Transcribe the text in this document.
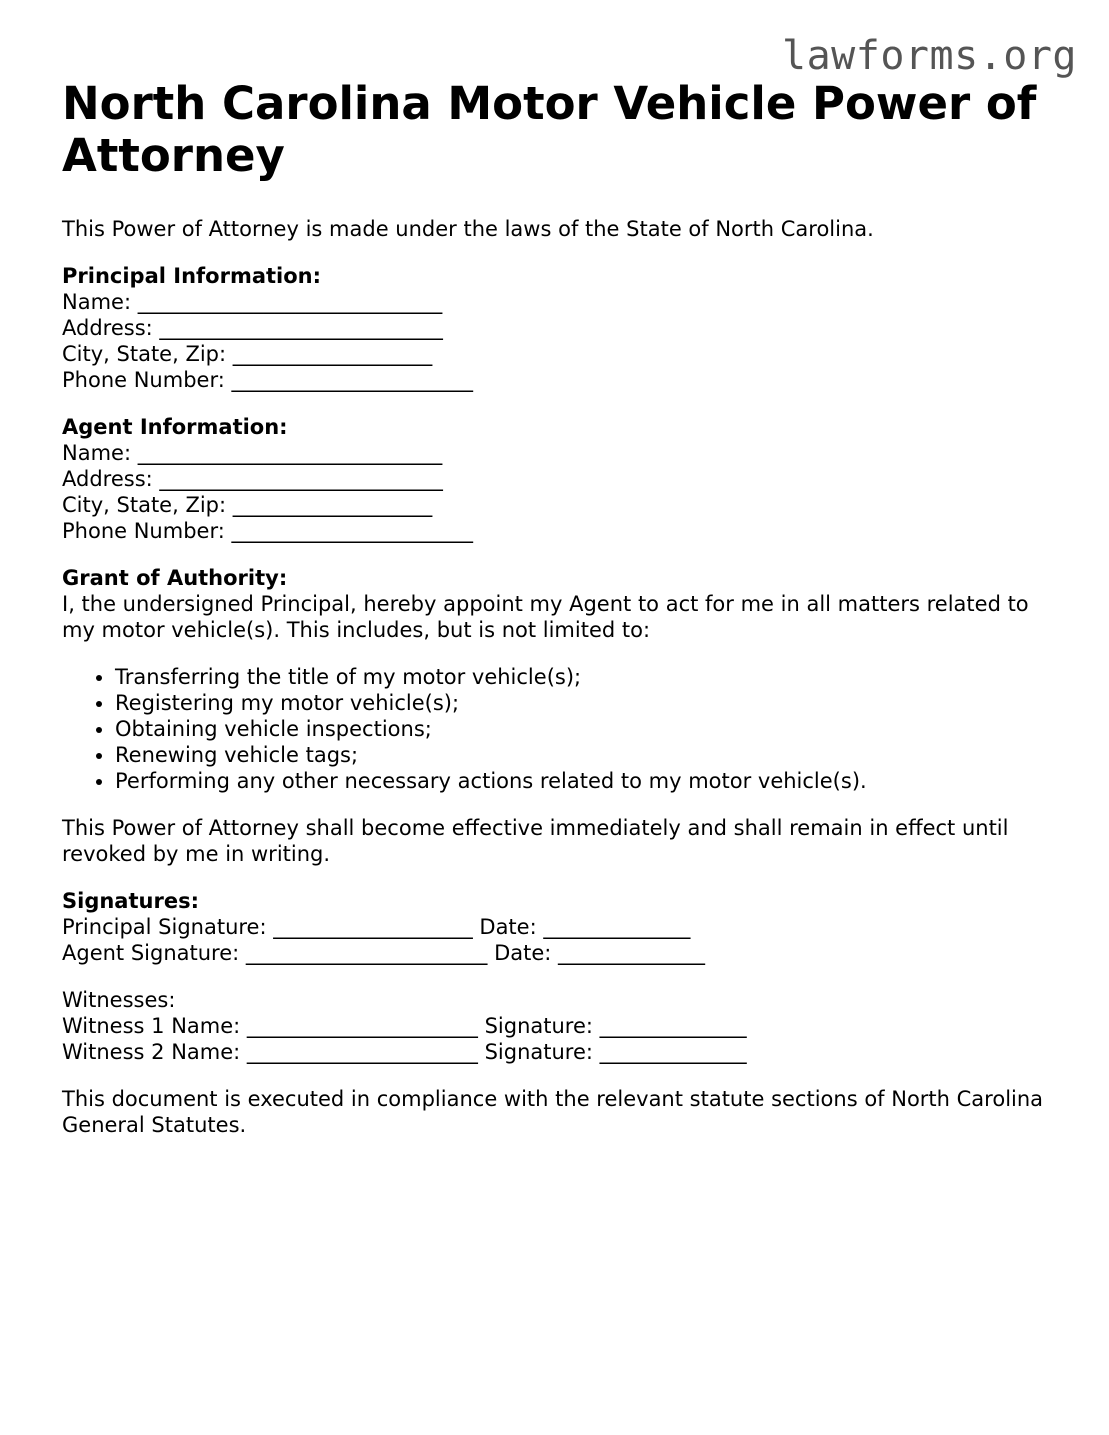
lawforms.org
North Carolina Motor Vehicle Power of Attorney

This Power of Attorney is made under the laws of the State of North Carolina.

Principal Information:
Name: _____________________________
Address: ___________________________
City, State, Zip: ___________________
Phone Number: _______________________
Agent Information:
Name: _____________________________
Address: ___________________________
City, State, Zip: ___________________
Phone Number: _______________________
Grant of Authority:

I, the undersigned Principal, hereby appoint my Agent to act for me in all matters related to my motor vehicle(s). This includes, but is not limited to:

• Transferring the title of my motor vehicle(s);
• Registering my motor vehicle(s);
• Obtaining vehicle inspections;
• Renewing vehicle tags;
• Performing any other necessary actions related to my motor vehicle(s).

This Power of Attorney shall become effective immediately and shall remain in effect until revoked by me in writing.

Signatures:
Principal Signature: ___________________ Date: ______________
Agent Signature: _______________________ Date: ______________
Witnesses:
Witness 1 Name: ______________________ Signature: ______________
Witness 2 Name: ______________________ Signature: ______________

This document is executed in compliance with the relevant statute sections of North Carolina General Statutes.
